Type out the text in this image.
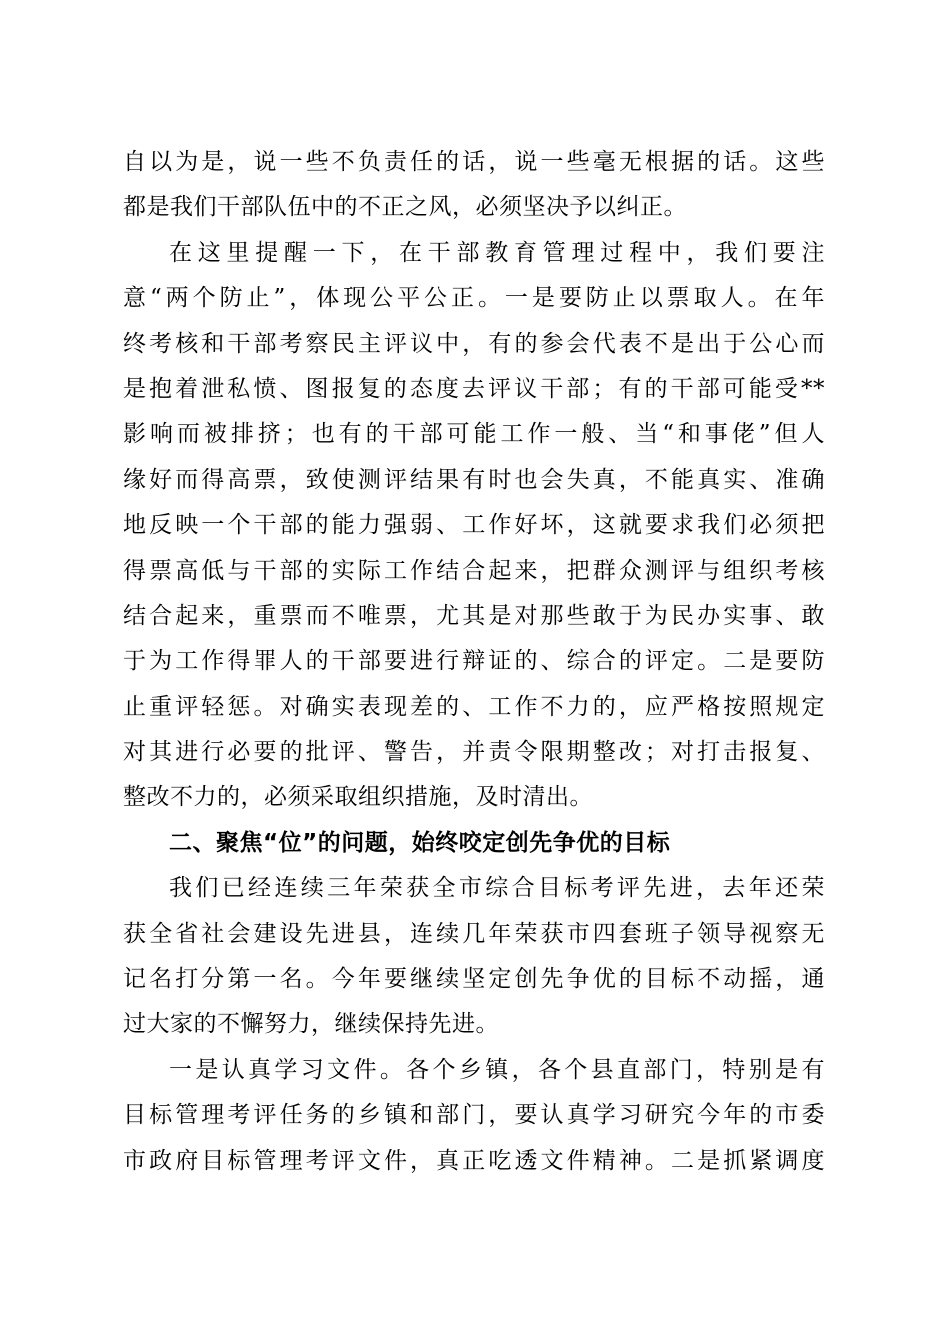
自以为是，说一些不负责任的话，说一些毫无根据的话。这些
都是我们干部队伍中的不正之风，必须坚决予以纠正。
在这里提醒一下，在干部教育管理过程中，我们要注
意“两个防止”，体现公平公正。一是要防止以票取人。在年
终考核和干部考察民主评议中，有的参会代表不是出于公心而
是抱着泄私愤、图报复的态度去评议干部；有的干部可能受**
影响而被排挤；也有的干部可能工作一般、当“和事佬”但人
缘好而得高票，致使测评结果有时也会失真，不能真实、准确
地反映一个干部的能力强弱、工作好坏，这就要求我们必须把
得票高低与干部的实际工作结合起来，把群众测评与组织考核
结合起来，重票而不唯票，尤其是对那些敢于为民办实事、敢
于为工作得罪人的干部要进行辩证的、综合的评定。二是要防
止重评轻惩。对确实表现差的、工作不力的，应严格按照规定
对其进行必要的批评、警告，并责令限期整改；对打击报复、
整改不力的，必须采取组织措施，及时清出。
二、聚焦“位”的问题，始终咬定创先争优的目标
我们已经连续三年荣获全市综合目标考评先进，去年还荣
获全省社会建设先进县，连续几年荣获市四套班子领导视察无
记名打分第一名。今年要继续坚定创先争优的目标不动摇，通
过大家的不懈努力，继续保持先进。
一是认真学习文件。各个乡镇，各个县直部门，特别是有
目标管理考评任务的乡镇和部门，要认真学习研究今年的市委
市政府目标管理考评文件，真正吃透文件精神。二是抓紧调度
